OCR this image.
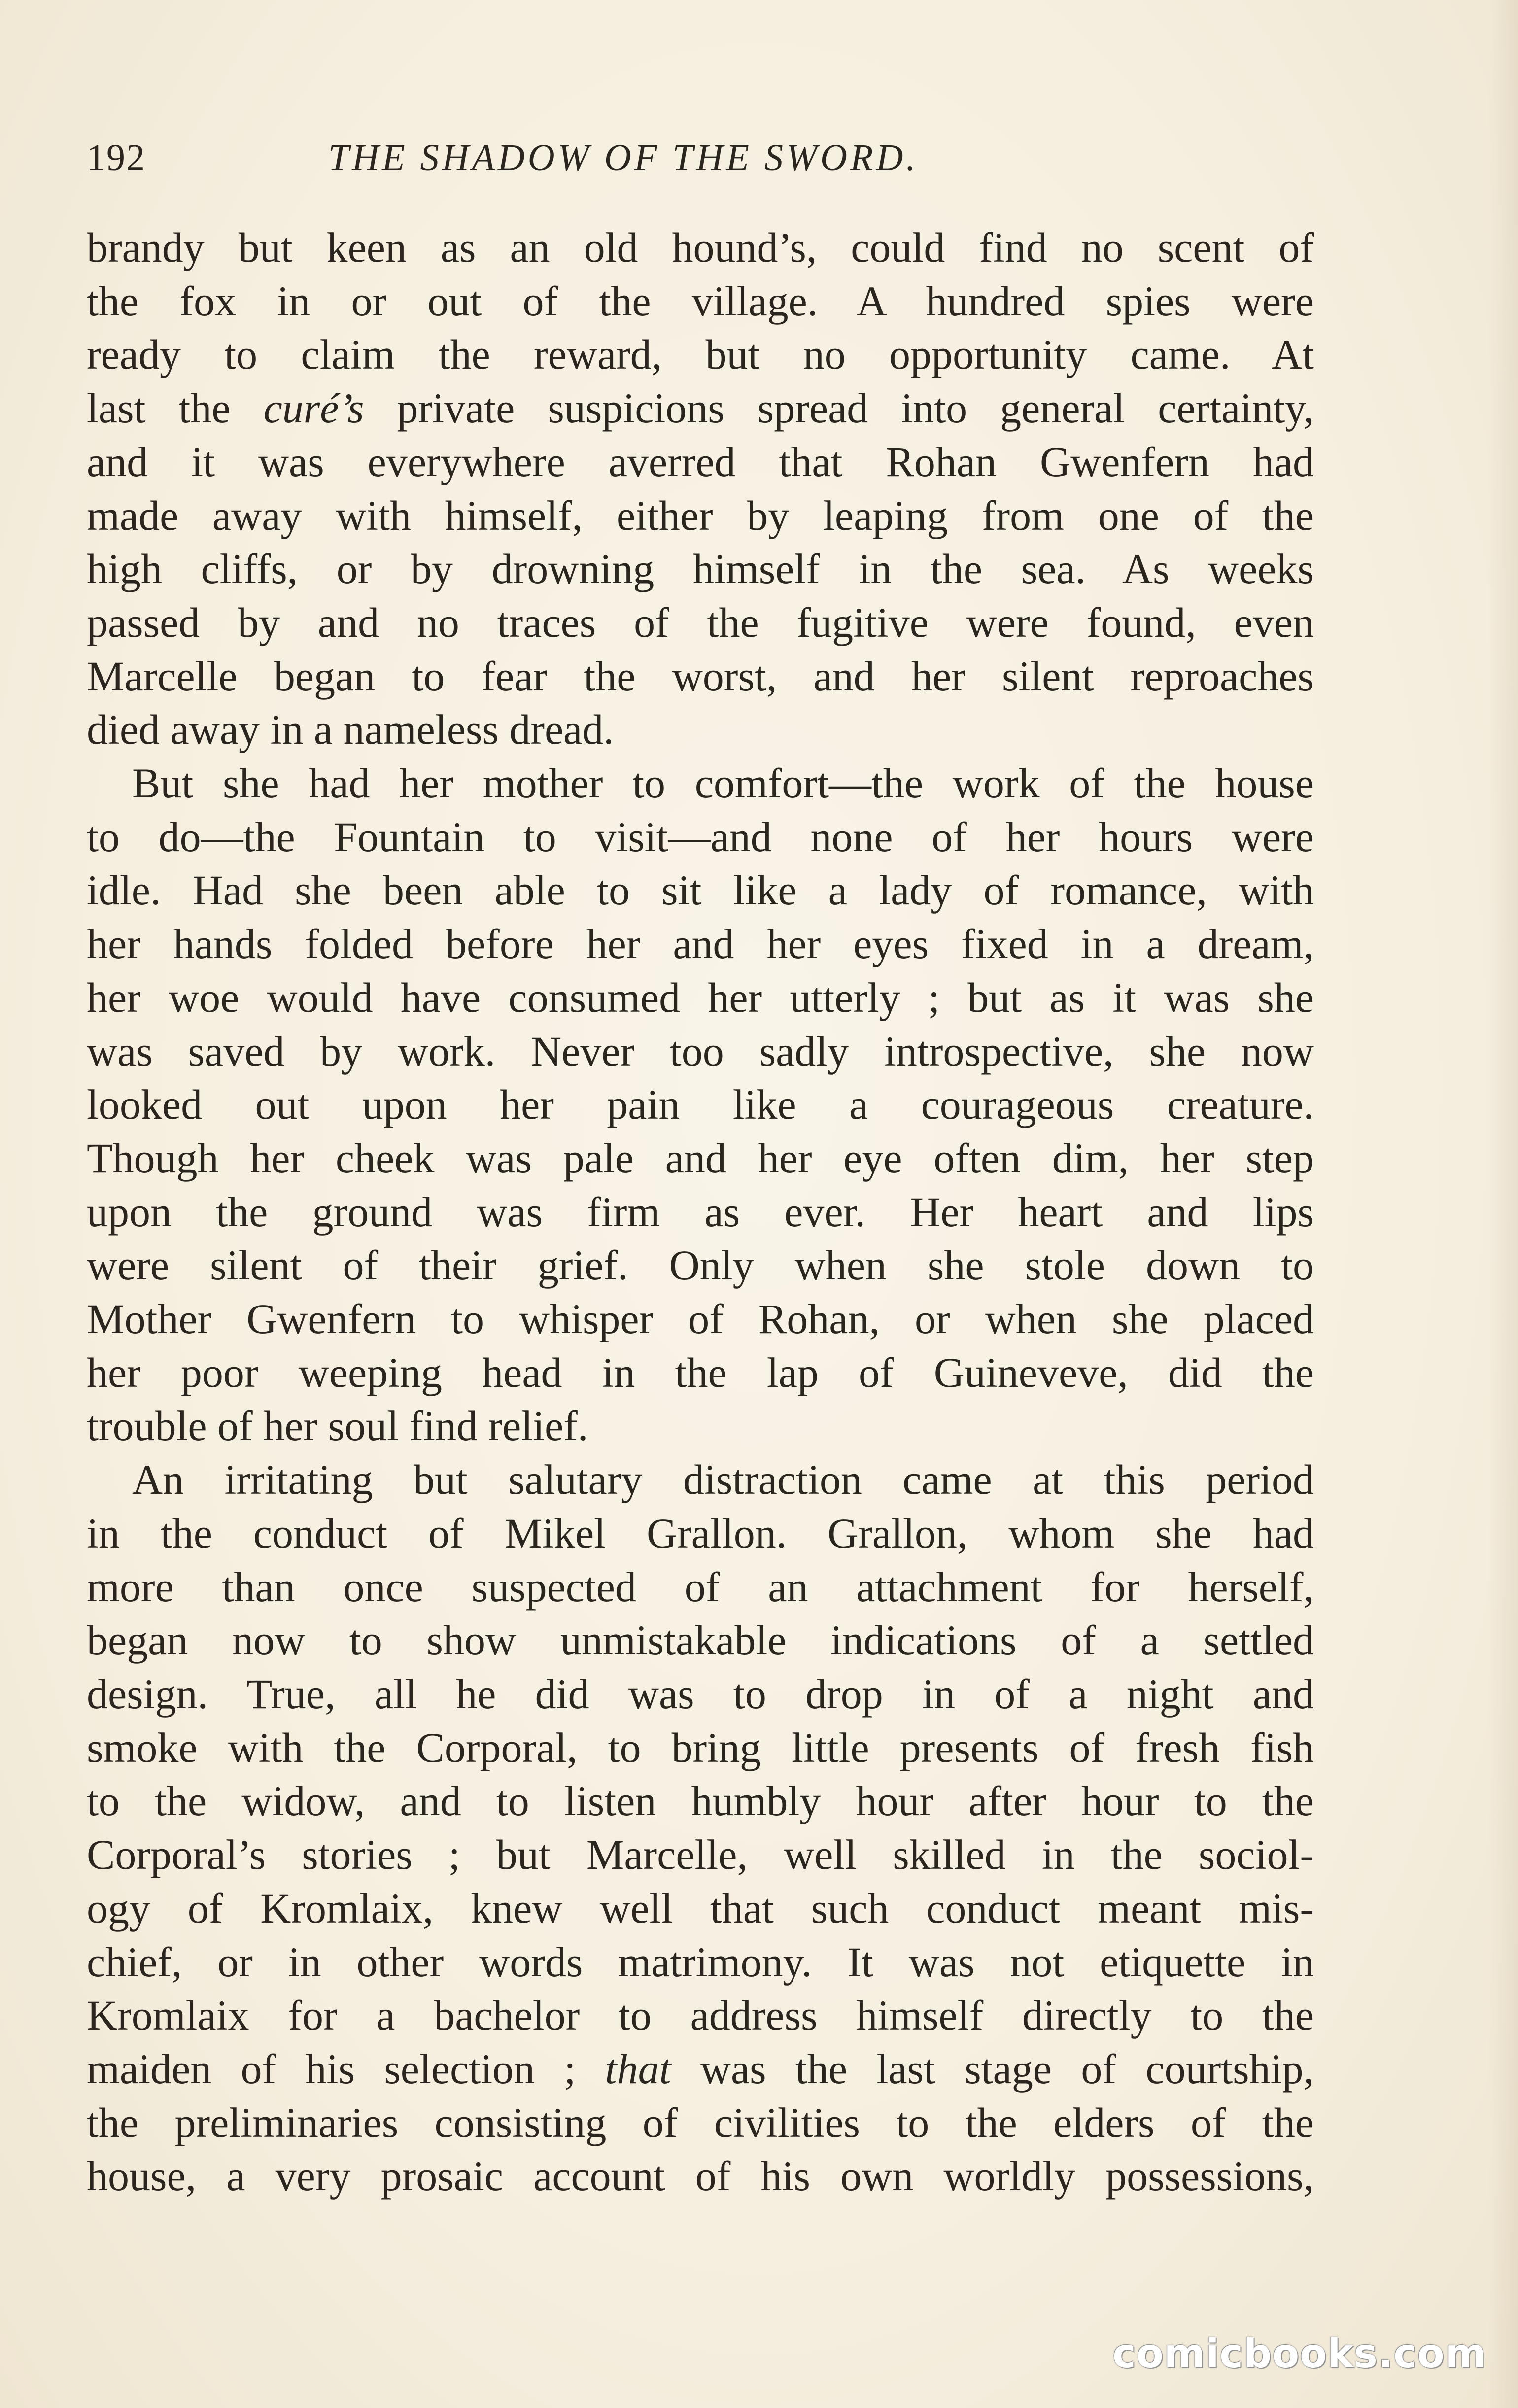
192	THE SHADOW OF THE SWORD.

brandy but keen as an old hound’s, could find no scent of
the fox in or out of the village. A hundred spies were
ready to claim the reward, but no opportunity came. At
last the curé’s private suspicions spread into general certainty,
and it was everywhere averred that Rohan Gwenfern had
made away with himself, either by leaping from one of the
high cliffs, or by drowning himself in the sea. As weeks
passed by and no traces of the fugitive were found, even
Marcelle began to fear the worst, and her silent reproaches
died away in a nameless dread.

But she had her mother to comfort—the work of the house
to do—the Fountain to visit—and none of her hours were
idle. Had she been able to sit like a lady of romance, with
her hands folded before her and her eyes fixed in a dream,
her woe would have consumed her utterly ; but as it was she
was saved by work. Never too sadly introspective, she now
looked out upon her pain like a courageous creature.
Though her cheek was pale and her eye often dim, her step
upon the ground was firm as ever. Her heart and lips
were silent of their grief. Only when she stole down to
Mother Gwenfern to whisper of Rohan, or when she placed
her poor weeping head in the lap of Guineveve, did the
trouble of her soul find relief.

An irritating but salutary distraction came at this period
in the conduct of Mikel Grallon. Grallon, whom she had
more than once suspected of an attachment for herself,
began now to show unmistakable indications of a settled
design. True, all he did was to drop in of a night and
smoke with the Corporal, to bring little presents of fresh fish
to the widow, and to listen humbly hour after hour to the
Corporal’s stories ; but Marcelle, well skilled in the sociol-
ogy of Kromlaix, knew well that such conduct meant mis-
chief, or in other words matrimony. It was not etiquette in
Kromlaix for a bachelor to address himself directly to the
maiden of his selection ; that was the last stage of courtship,
the preliminaries consisting of civilities to the elders of the
house, a very prosaic account of his own worldly possessions,

comicbooks.com
